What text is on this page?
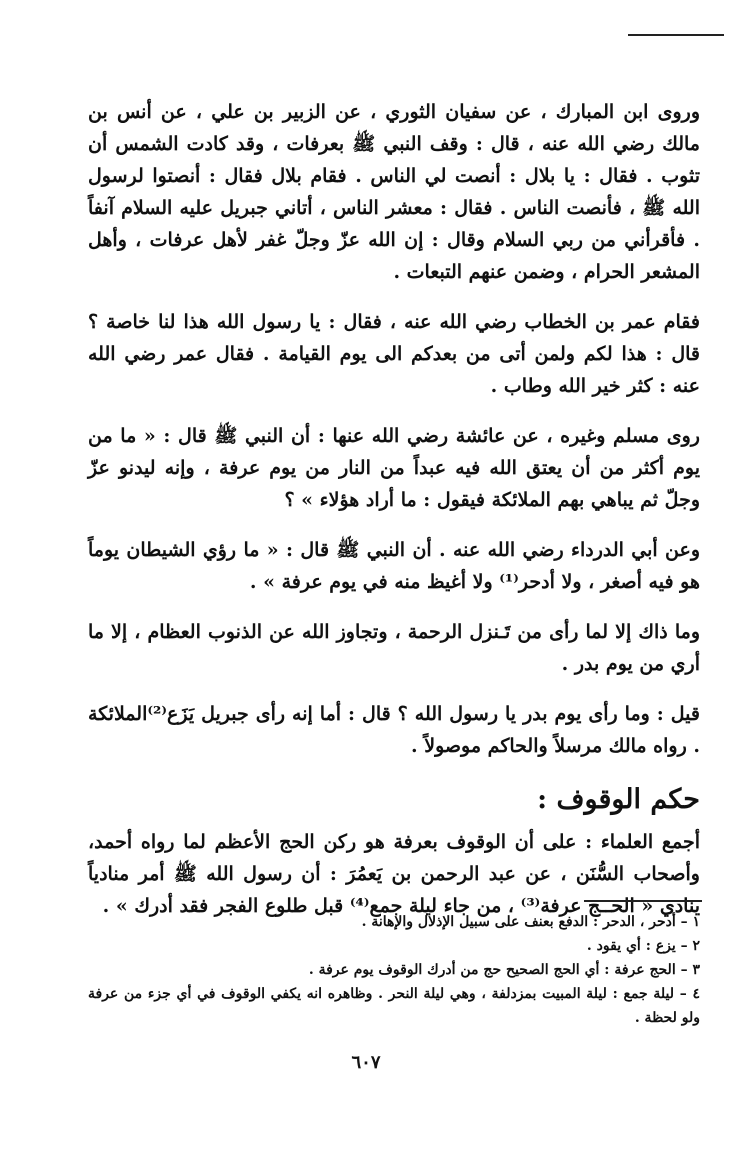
وروى ابن المبارك ، عن سفيان الثوري ، عن الزبير بن علي ، عن أنس بن مالك رضي الله عنه ، قال : وقف النبي ﷺ بعرفات ، وقد كادت الشمس أن تثوب . فقال : يا بلال : أنصت لي الناس . فقام بلال فقال : أنصتوا لرسول الله ﷺ ، فأنصت الناس . فقال : معشر الناس ، أتاني جبريل عليه السلام آنفاً . فأقرأني من ربي السلام وقال : إن الله عزّ وجلّ غفر لأهل عرفات ، وأهل المشعر الحرام ، وضمن عنهم التبعات .

فقام عمر بن الخطاب رضي الله عنه ، فقال : يا رسول الله هذا لنا خاصة ؟ قال : هذا لكم ولمن أتى من بعدكم الى يوم القيامة . فقال عمر رضي الله عنه : كثر خير الله وطاب .

روى مسلم وغيره ، عن عائشة رضي الله عنها : أن النبي ﷺ قال : « ما من يوم أكثر من أن يعتق الله فيه عبداً من النار من يوم عرفة ، وإنه ليدنو عزّ وجلّ ثم يباهي بهم الملائكة فيقول : ما أراد هؤلاء » ؟

وعن أبي الدرداء رضي الله عنه . أن النبي ﷺ قال : « ما رؤي الشيطان يوماً هو فيه أصغر ، ولا أدحر⁽¹⁾ ولا أغيظ منه في يوم عرفة » .

وما ذاك إلا لما رأى من تَـنزل الرحمة ، وتجاوز الله عن الذنوب العظام ، إلا ما أري من يوم بدر .

قيل : وما رأى يوم بدر يا رسول الله ؟ قال : أما إنه رأى جبريل يَزَع⁽²⁾الملائكة . رواه مالك مرسلاً والحاكم موصولاً .

حكم الوقوف :

أجمع العلماء : على أن الوقوف بعرفة هو ركن الحج الأعظم لما رواه أحمد، وأصحاب السُّنَن ، عن عبد الرحمن بن يَعمُرَ : أن رسول الله ﷺ أمر منادياً ينادي « الحــج عرفة⁽³⁾ ، من جاء ليلة جمع⁽⁴⁾ قبل طلوع الفجر فقد أدرك » .

١ – أدحر ، الدحر : الدفع بعنف على سبيل الإذلال والإهانة .

٢ – يزع : أي يقود .

٣ – الحج عرفة : أي الحج الصحيح حج من أدرك الوقوف يوم عرفة .

٤ – ليلة جمع : ليلة المبيت بمزدلفة ، وهي ليلة النحر . وظاهره انه يكفي الوقوف في أي جزء من عرفة ولو لحظة .

٦٠٧
